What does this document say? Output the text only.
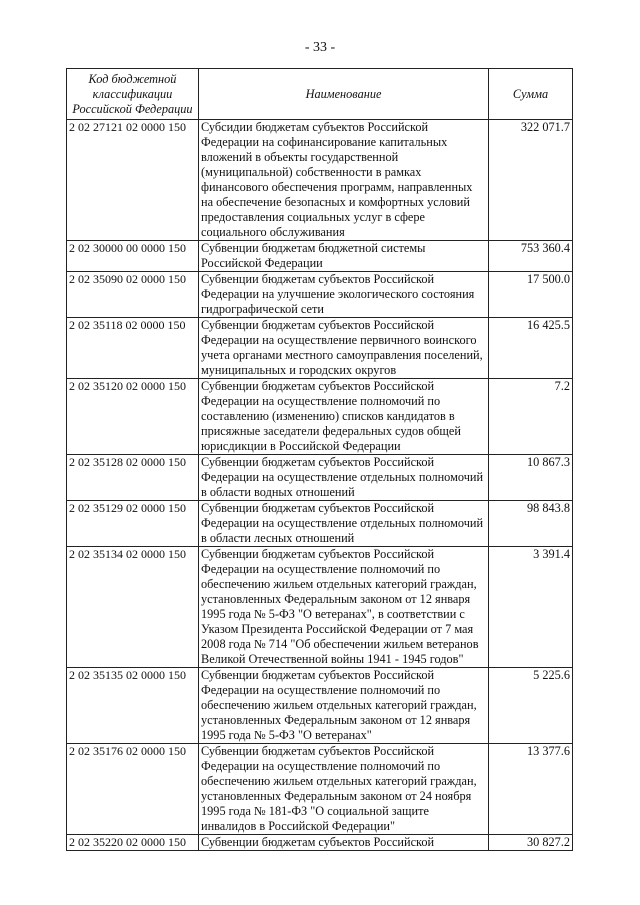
- 33 -
Код бюджетной классификации Российской Федерации	Наименование	Сумма
2 02 27121 02 0000 150	Субсидии бюджетам субъектов Российской Федерации на софинансирование капитальных вложений в объекты государственной (муниципальной) собственности в рамках финансового обеспечения программ, направленных на обеспечение безопасных и комфортных условий предоставления социальных услуг в сфере социального обслуживания	322 071.7
2 02 30000 00 0000 150	Субвенции бюджетам бюджетной системы Российской Федерации	753 360.4
2 02 35090 02 0000 150	Субвенции бюджетам субъектов Российской Федерации на улучшение экологического состояния гидрографической сети	17 500.0
2 02 35118 02 0000 150	Субвенции бюджетам субъектов Российской Федерации на осуществление первичного воинского учета органами местного самоуправления поселений, муниципальных и городских округов	16 425.5
2 02 35120 02 0000 150	Субвенции бюджетам субъектов Российской Федерации на осуществление полномочий по составлению (изменению) списков кандидатов в присяжные заседатели федеральных судов общей юрисдикции в Российской Федерации	7.2
2 02 35128 02 0000 150	Субвенции бюджетам субъектов Российской Федерации на осуществление отдельных полномочий в области водных отношений	10 867.3
2 02 35129 02 0000 150	Субвенции бюджетам субъектов Российской Федерации на осуществление отдельных полномочий в области лесных отношений	98 843.8
2 02 35134 02 0000 150	Субвенции бюджетам субъектов Российской Федерации на осуществление полномочий по обеспечению жильем отдельных категорий граждан, установленных Федеральным законом от 12 января 1995 года № 5-ФЗ "О ветеранах", в соответствии с Указом Президента Российской Федерации от 7 мая 2008 года № 714 "Об обеспечении жильем ветеранов Великой Отечественной войны 1941 - 1945 годов"	3 391.4
2 02 35135 02 0000 150	Субвенции бюджетам субъектов Российской Федерации на осуществление полномочий по обеспечению жильем отдельных категорий граждан, установленных Федеральным законом от 12 января 1995 года № 5-ФЗ "О ветеранах"	5 225.6
2 02 35176 02 0000 150	Субвенции бюджетам субъектов Российской Федерации на осуществление полномочий по обеспечению жильем отдельных категорий граждан, установленных Федеральным законом от 24 ноября 1995 года № 181-ФЗ "О социальной защите инвалидов в Российской Федерации"	13 377.6
2 02 35220 02 0000 150	Субвенции бюджетам субъектов Российской	30 827.2
